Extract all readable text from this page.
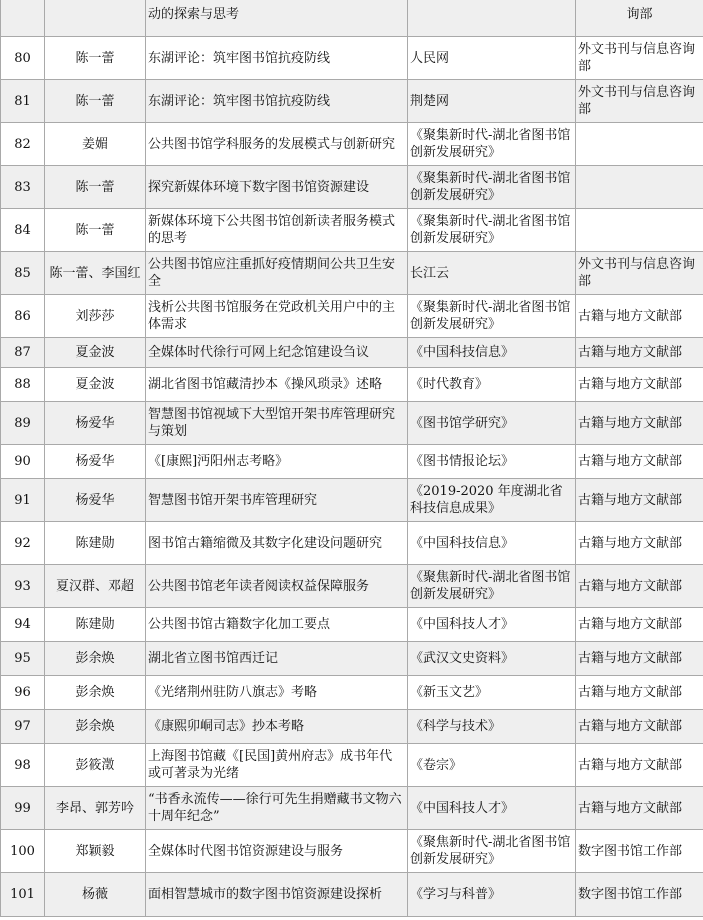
		动的探索与思考		询部
80	陈一蕾	东湖评论：筑牢图书馆抗疫防线	人民网	外文书刊与信息咨询部
81	陈一蕾	东湖评论：筑牢图书馆抗疫防线	荆楚网	外文书刊与信息咨询部
82	姜媚	公共图书馆学科服务的发展模式与创新研究	《聚集新时代-湖北省图书馆创新发展研究》	
83	陈一蕾	探究新媒体环境下数字图书馆资源建设	《聚集新时代-湖北省图书馆创新发展研究》	
84	陈一蕾	新媒体环境下公共图书馆创新读者服务模式的思考	《聚集新时代-湖北省图书馆创新发展研究》	
85	陈一蕾、李国红	公共图书馆应注重抓好疫情期间公共卫生安全	长江云	外文书刊与信息咨询部
86	刘莎莎	浅析公共图书馆服务在党政机关用户中的主体需求	《聚集新时代-湖北省图书馆创新发展研究》	古籍与地方文献部
87	夏金波	全媒体时代徐行可网上纪念馆建设刍议	《中国科技信息》	古籍与地方文献部
88	夏金波	湖北省图书馆藏清抄本《操风琐录》述略	《时代教育》	古籍与地方文献部
89	杨爱华	智慧图书馆视域下大型馆开架书库管理研究与策划	《图书馆学研究》	古籍与地方文献部
90	杨爱华	《[康熙]沔阳州志考略》	《图书情报论坛》	古籍与地方文献部
91	杨爱华	智慧图书馆开架书库管理研究	《2019-2020 年度湖北省科技信息成果》	古籍与地方文献部
92	陈建勋	图书馆古籍缩微及其数字化建设问题研究	《中国科技信息》	古籍与地方文献部
93	夏汉群、邓超	公共图书馆老年读者阅读权益保障服务	《聚焦新时代-湖北省图书馆创新发展研究》	古籍与地方文献部
94	陈建勋	公共图书馆古籍数字化加工要点	《中国科技人才》	古籍与地方文献部
95	彭余焕	湖北省立图书馆西迁记	《武汉文史资料》	古籍与地方文献部
96	彭余焕	《光绪荆州驻防八旗志》考略	《新玉文艺》	古籍与地方文献部
97	彭余焕	《康熙卯峒司志》抄本考略	《科学与技术》	古籍与地方文献部
98	彭筱澂	上海图书馆藏《[民国]黄州府志》成书年代或可著录为光绪	《卷宗》	古籍与地方文献部
99	李昂、郭芳吟	“书香永流传——徐行可先生捐赠藏书文物六十周年纪念”	《中国科技人才》	古籍与地方文献部
100	郑颖毅	全媒体时代图书馆资源建设与服务	《聚焦新时代-湖北省图书馆创新发展研究》	数字图书馆工作部
101	杨薇	面相智慧城市的数字图书馆资源建设探析	《学习与科普》	数字图书馆工作部
